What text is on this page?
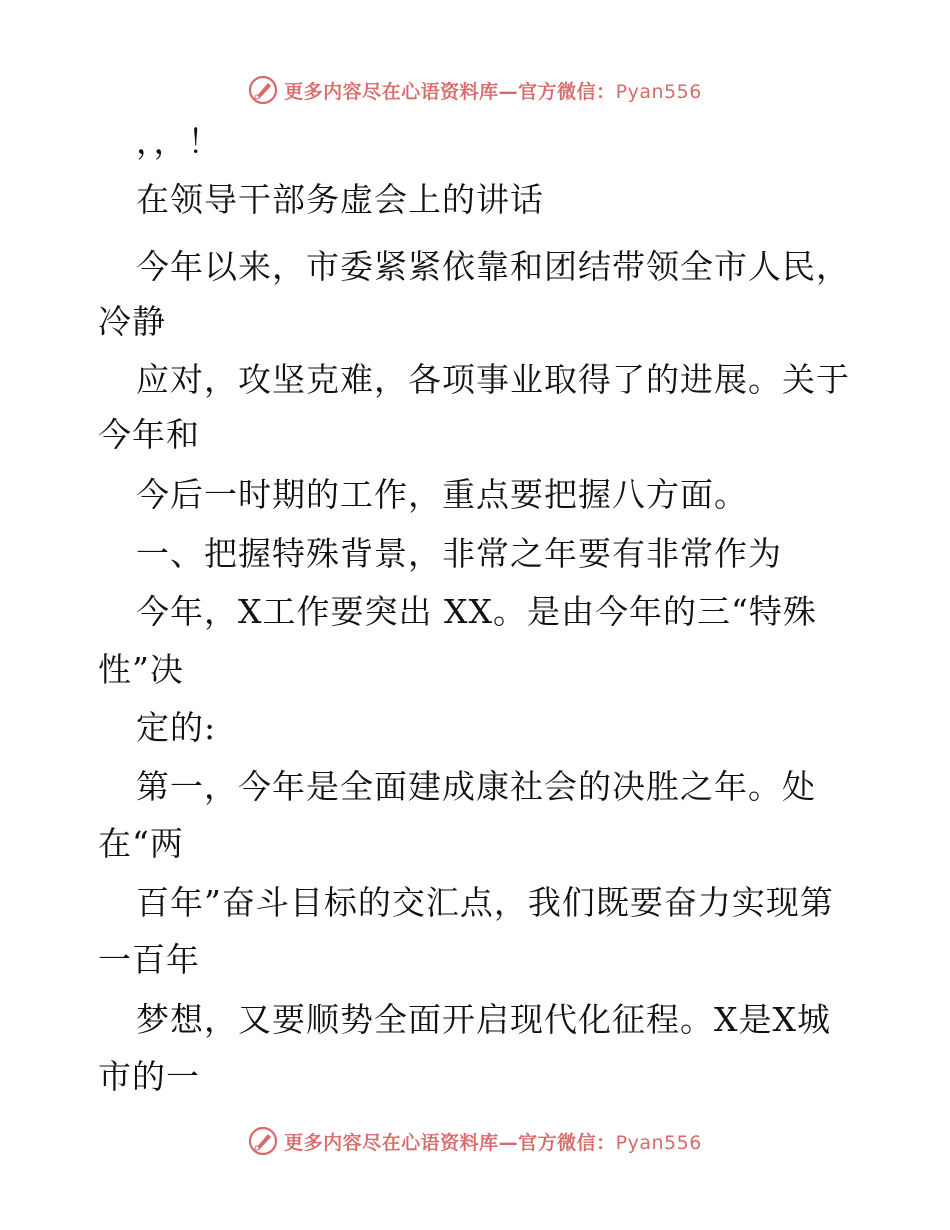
更多内容尽在心语资料库—官方微信：Pyan556
，，！
在领导干部务虚会上的讲话
今年以来，市委紧紧依靠和团结带领全市人民，
冷静
应对，攻坚克难，各项事业取得了的进展。关于
今年和
今后一时期的工作，重点要把握八方面。
一、把握特殊背景，非常之年要有非常作为
今年，X工作要突出 XX。是由今年的三“特殊
性”决
定的:
第一，今年是全面建成康社会的决胜之年。处
在“两
百年”奋斗目标的交汇点，我们既要奋力实现第
一百年
梦想，又要顺势全面开启现代化征程。X是X城
市的一
更多内容尽在心语资料库—官方微信：Pyan556
